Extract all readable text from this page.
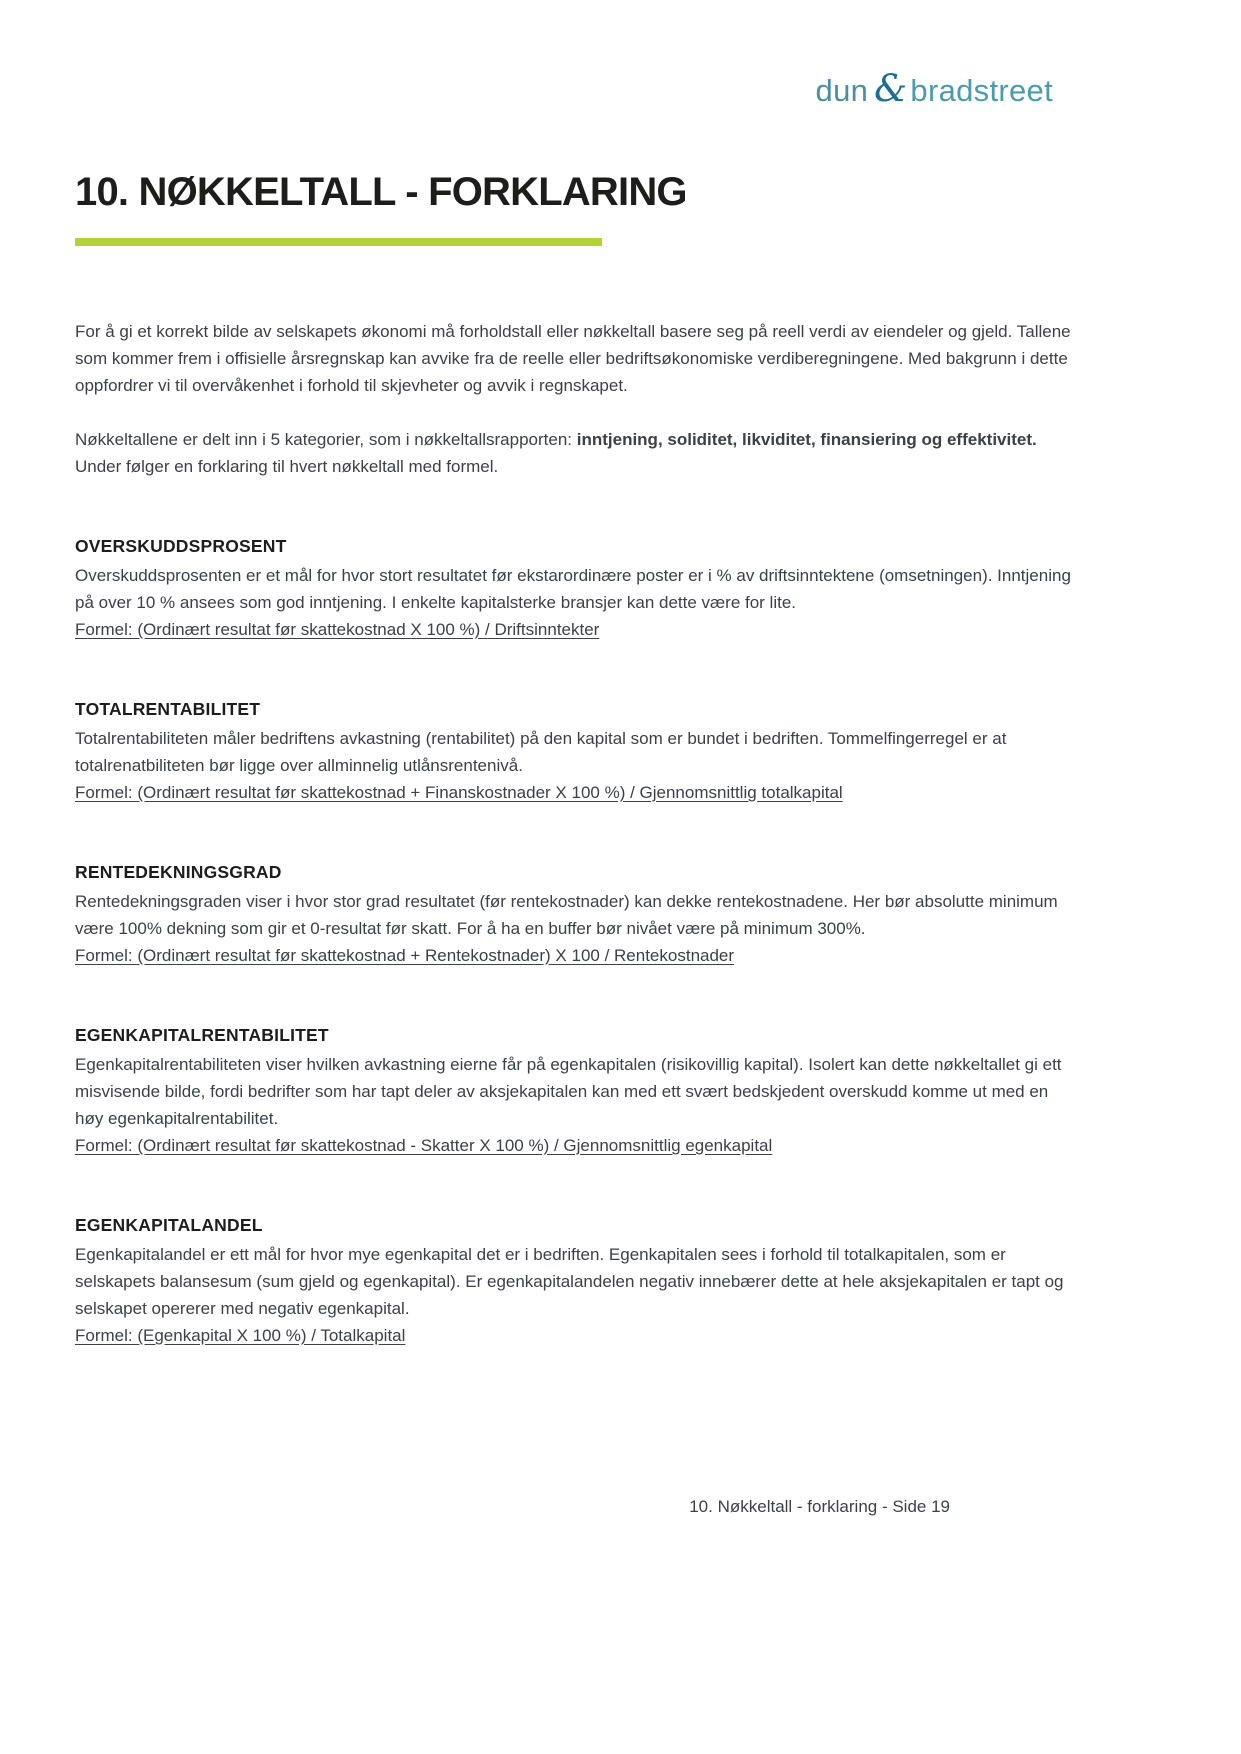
dun & bradstreet
10. NØKKELTALL - FORKLARING

For å gi et korrekt bilde av selskapets økonomi må forholdstall eller nøkkeltall basere seg på reell verdi av eiendeler og gjeld. Tallene som kommer frem i offisielle årsregnskap kan avvike fra de reelle eller bedriftsøkonomiske verdiberegningene. Med bakgrunn i dette oppfordrer vi til overvåkenhet i forhold til skjevheter og avvik i regnskapet.

Nøkkeltallene er delt inn i 5 kategorier, som i nøkkeltallsrapporten: inntjening, soliditet, likviditet, finansiering og effektivitet. Under følger en forklaring til hvert nøkkeltall med formel.

OVERSKUDDSPROSENT

Overskuddsprosenten er et mål for hvor stort resultatet før ekstarordinære poster er i % av driftsinntektene (omsetningen). Inntjening på over 10 % ansees som god inntjening. I enkelte kapitalsterke bransjer kan dette være for lite.

Formel: (Ordinært resultat før skattekostnad X 100 %) / Driftsinntekter
TOTALRENTABILITET

Totalrentabiliteten måler bedriftens avkastning (rentabilitet) på den kapital som er bundet i bedriften. Tommelfingerregel er at totalrenatbiliteten bør ligge over allminnelig utlånsrentenivå.

Formel: (Ordinært resultat før skattekostnad + Finanskostnader X 100 %) / Gjennomsnittlig totalkapital
RENTEDEKNINGSGRAD

Rentedekningsgraden viser i hvor stor grad resultatet (før rentekostnader) kan dekke rentekostnadene. Her bør absolutte minimum være 100% dekning som gir et 0-resultat før skatt. For å ha en buffer bør nivået være på minimum 300%.

Formel: (Ordinært resultat før skattekostnad + Rentekostnader) X 100 / Rentekostnader
EGENKAPITALRENTABILITET

Egenkapitalrentabiliteten viser hvilken avkastning eierne får på egenkapitalen (risikovillig kapital). Isolert kan dette nøkkeltallet gi ett misvisende bilde, fordi bedrifter som har tapt deler av aksjekapitalen kan med ett svært bedskjedent overskudd komme ut med en høy egenkapitalrentabilitet.

Formel: (Ordinært resultat før skattekostnad - Skatter X 100 %) / Gjennomsnittlig egenkapital
EGENKAPITALANDEL

Egenkapitalandel er ett mål for hvor mye egenkapital det er i bedriften. Egenkapitalen sees i forhold til totalkapitalen, som er selskapets balansesum (sum gjeld og egenkapital). Er egenkapitalandelen negativ innebærer dette at hele aksjekapitalen er tapt og selskapet opererer med negativ egenkapital.

Formel: (Egenkapital X 100 %) / Totalkapital
10. Nøkkeltall - forklaring - Side 19
